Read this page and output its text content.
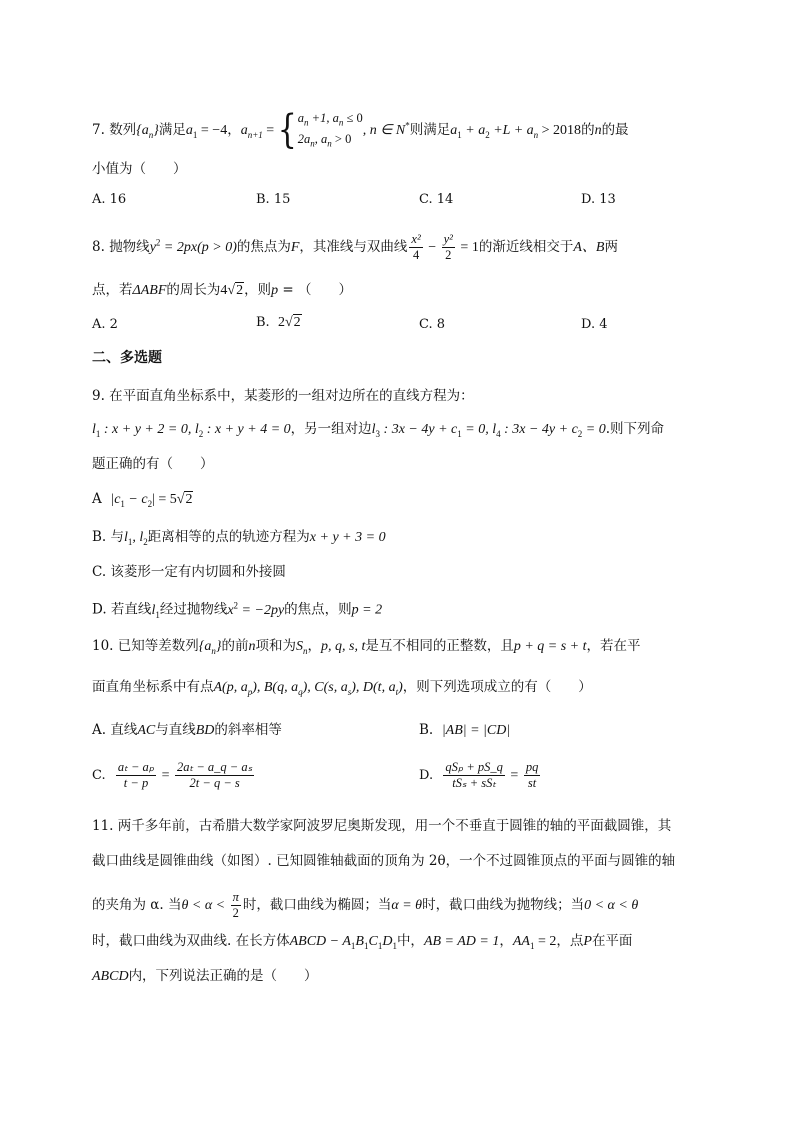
7. 数列$\{a_n\}$满足$a_1 = -4$，$a_{n+1}$ = { $a_n +1$, $a_n \le 0$
$2a_n$, $a_n > 0$
, n ∈ N*则满足$a_1 + a_2 +L + a_n > 2018$的n的最
小值为（　　）
A. 16	B. 15	C. 14	D. 13
8. 抛物线$y^2 = 2px(p > 0)$的焦点为F，其准线与双曲线 $\frac{\text{x²}}{4} - \frac{\text{y²}}{2} = 1$的渐近线相交于A、B两
点，若ΔABF的周长为4√2，则p = （　　）
A. 2	B. 2√2	C. 8	D. 4
二、多选题
9. 在平面直角坐标系中，某菱形的一组对边所在的直线方程为：
$l_1$ : x + y + 2 = 0, $l_2$ : x + y + 4 = 0，另一组对边$l_3$ : $3x - 4y + c_1 = 0$, $l_4$ : $3x - 4y + c_2 = 0$.则下列命
题正确的有（　　）
A $|c_1 - c_2| = 5√2$
B. 与$l_1$, $l_2$距离相等的点的轨迹方程为x + y + 3 = 0
C. 该菱形一定有内切圆和外接圆
D. 若直线$l_1$经过抛物线$x^2 = -2py$的焦点，则p = 2
10. 已知等差数列$\{a_n\}$的前n项和为$S_n$，p, q, s, t是互不相同的正整数，且p + q = s + t，若在平
面直角坐标系中有点A(p, $a_p$), B(q, $a_q$), C(s, $a_s$), D(t, $a_t$)，则下列选项成立的有（　　）
A. 直线AC与直线BD的斜率相等	B. |AB| = |CD|
C. $\frac{\text{aₜ − aₚ}}{t - p} = \frac{\text{2aₜ − a\_q − aₛ}}{2t - q - s}$	D. $\frac{\text{qSₚ + pS\_q}}{\text{tSₛ + sSₜ}} = \frac{pq}{st}$
11. 两千多年前，古希腊大数学家阿波罗尼奥斯发现，用一个不垂直于圆锥的轴的平面截圆锥，其
截口曲线是圆锥曲线（如图）. 已知圆锥轴截面的顶角为 2θ，一个不过圆锥顶点的平面与圆锥的轴
的夹角为 α. 当$\theta < \alpha < \frac{\pi}{2}$ 时，截口曲线为椭圆；当α = θ时，截口曲线为抛物线；当0 < α < θ
时，截口曲线为双曲线. 在长方体ABCD − $A_1B_1C_1D_1$中，AB = AD = 1，$AA_1 = 2$，点P在平面
ABCD内，下列说法正确的是（　　）
